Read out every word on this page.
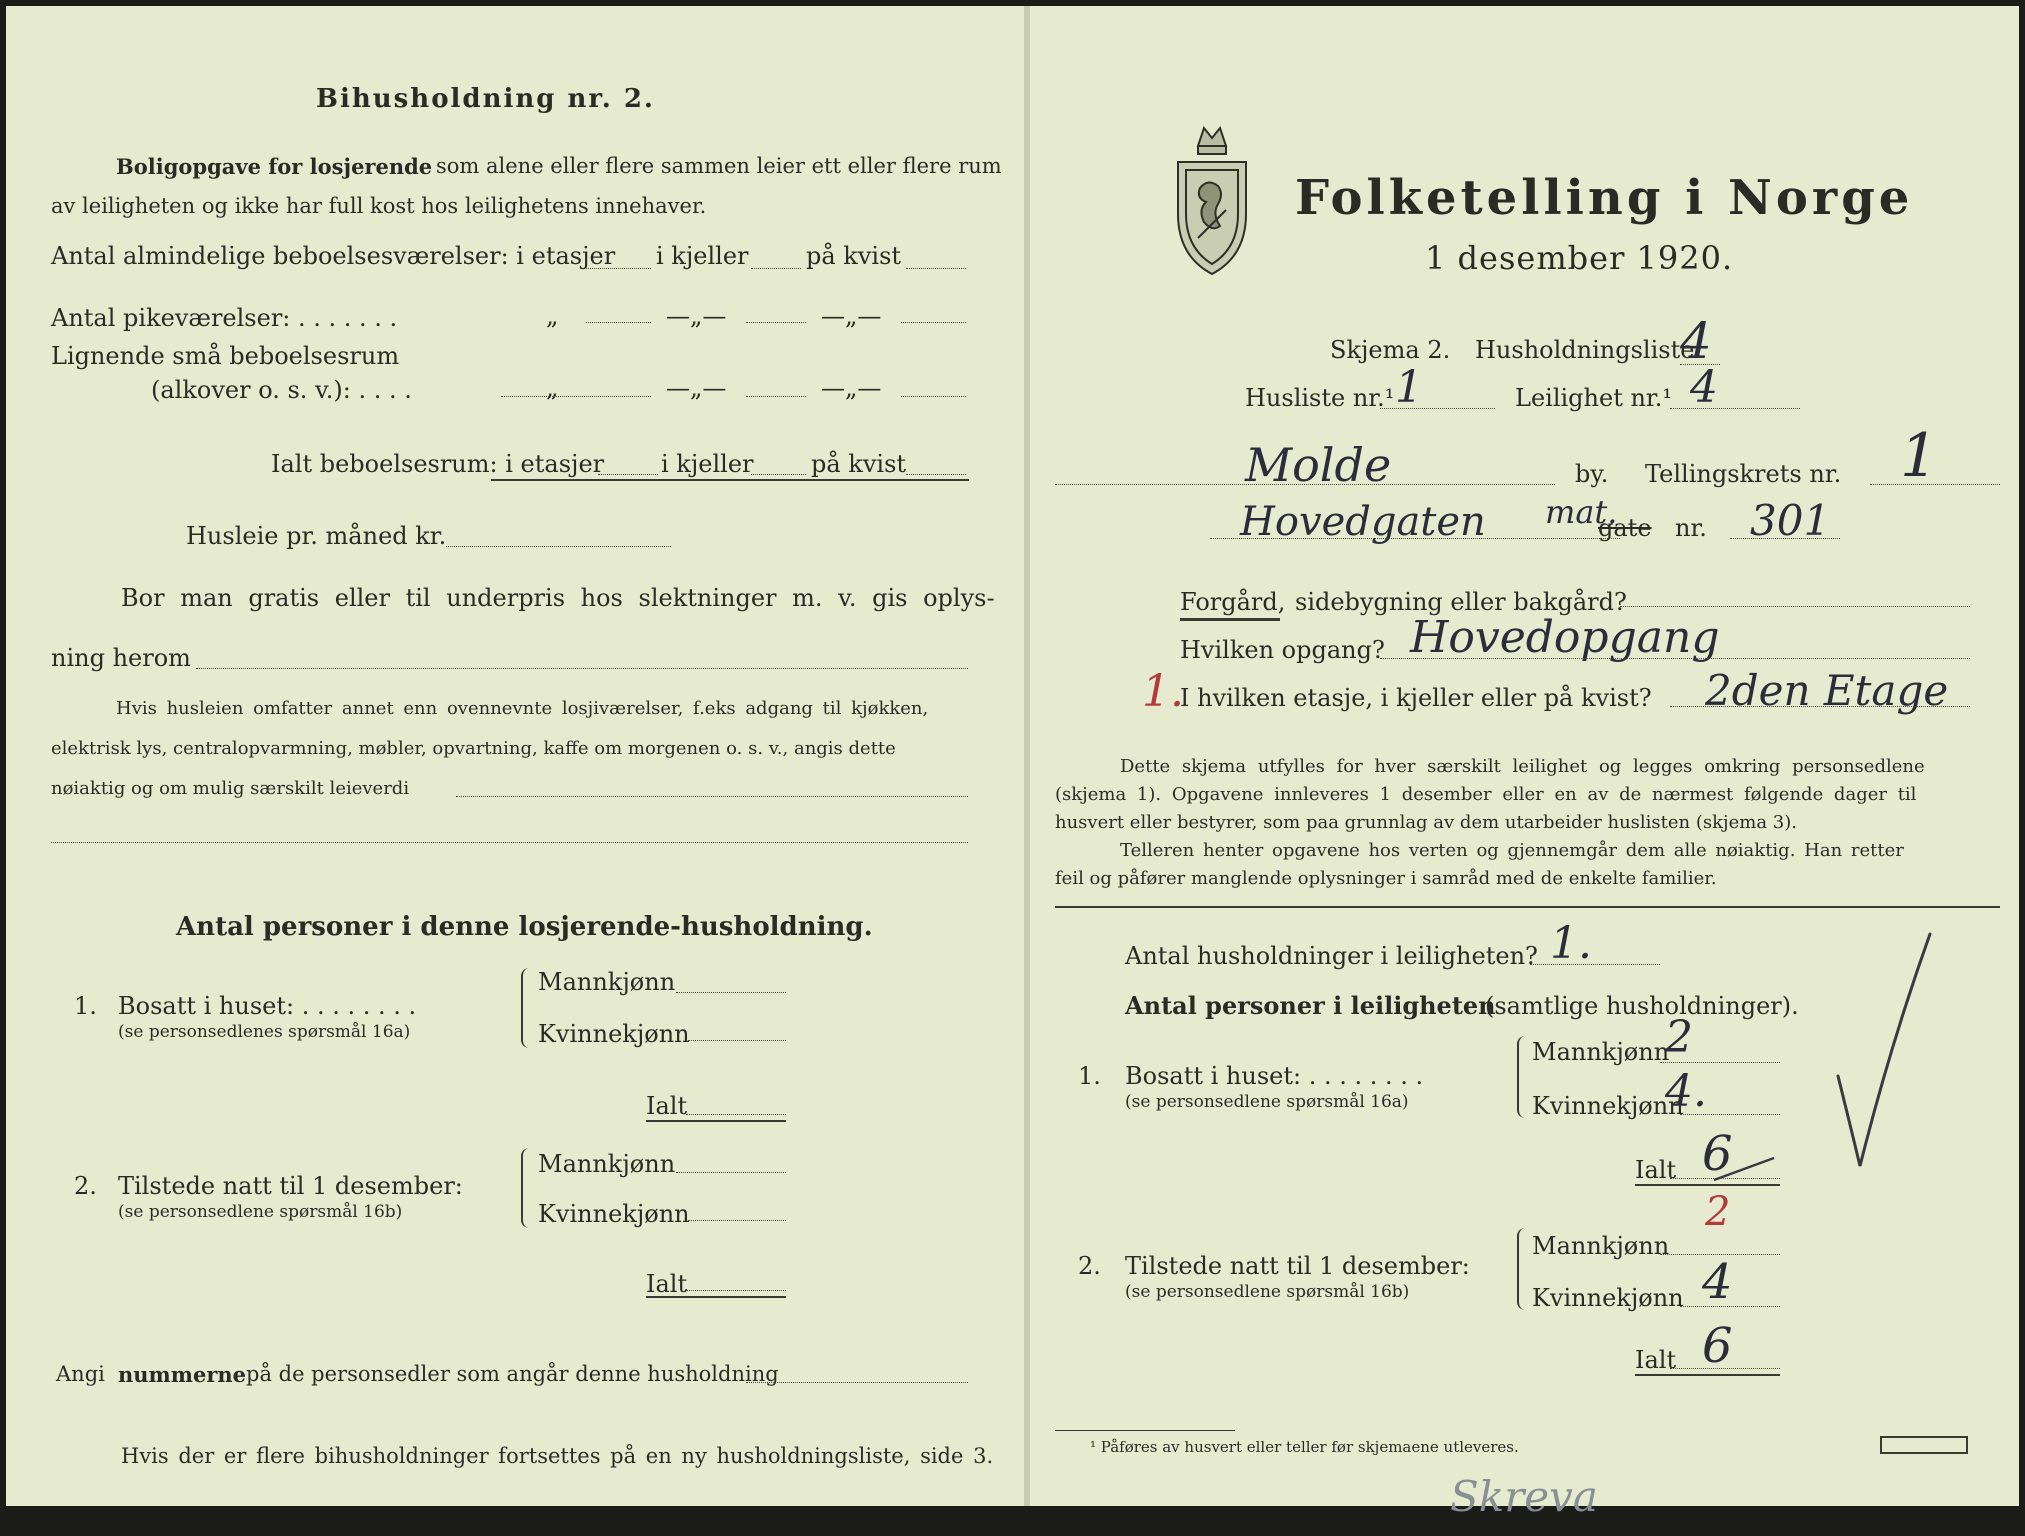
Bihusholdning nr. 2.
Boligopgave for losjerende som alene eller flere sammen leier ett eller flere rum
av leiligheten og ikke har full kost hos leilighetens innehaver.
Antal almindelige beboelsesværelser: i etasjer i kjeller på kvist
Antal pikeværelser: . . . . . . .	„	—„—	—„—
Lignende små beboelsesrum
(alkover o. s. v.): . . . .	„	—„—	—„—
Ialt beboelsesrum: i etasjer i kjeller på kvist
Husleie pr. måned kr.
Bor man gratis eller til underpris hos slektninger m. v. gis oplys-
ning herom
Hvis husleien omfatter annet enn ovennevnte losjiværelser, f.eks adgang til kjøkken,
elektrisk lys, centralopvarmning, møbler, opvartning, kaffe om morgenen o. s. v., angis dette
nøiaktig og om mulig særskilt leieverdi
Antal personer i denne losjerende-husholdning.
1. Bosatt i huset: . . . . . . . .
(se personsedlenes spørsmål 16a)
Mannkjønn
Kvinnekjønn
Ialt
2. Tilstede natt til 1 desember:
(se personsedlene spørsmål 16b)
Mannkjønn
Kvinnekjønn
Ialt
Angi nummerne på de personsedler som angår denne husholdning
Hvis der er flere bihusholdninger fortsettes på en ny husholdningsliste, side 3.
Folketelling i Norge
1 desember 1920.
Skjema 2. Husholdningsliste
4
Husliste nr.¹ 1	Leilighet nr.¹ 4
Molde	by. Tellingskrets nr. 1
Hovedgaten mat.
gate nr. 301
Forgård, sidebygning eller bakgård?
Hvilken opgang? Hovedopgang
1.
I hvilken etasje, i kjeller eller på kvist? 2den Etage
Dette skjema utfylles for hver særskilt leilighet og legges omkring personsedlene
(skjema 1). Opgavene innleveres 1 desember eller en av de nærmest følgende dager til
husvert eller bestyrer, som paa grunnlag av dem utarbeider huslisten (skjema 3).
Telleren henter opgavene hos verten og gjennemgår dem alle nøiaktig. Han retter
feil og påfører manglende oplysninger i samråd med de enkelte familier.
Antal husholdninger i leiligheten? 1.
Antal personer i leiligheten
(samtlige husholdninger).
1. Bosatt i huset: . . . . . . . .
(se personsedlene spørsmål 16a)
Mannkjønn
2
Kvinnekjønn
4.
Ialt 6
2. Tilstede natt til 1 desember:
(se personsedlene spørsmål 16b)
Mannkjønn
2
Kvinnekjønn 4
Ialt 6
¹ Påføres av husvert eller teller før skjemaene utleveres.
Skreva
